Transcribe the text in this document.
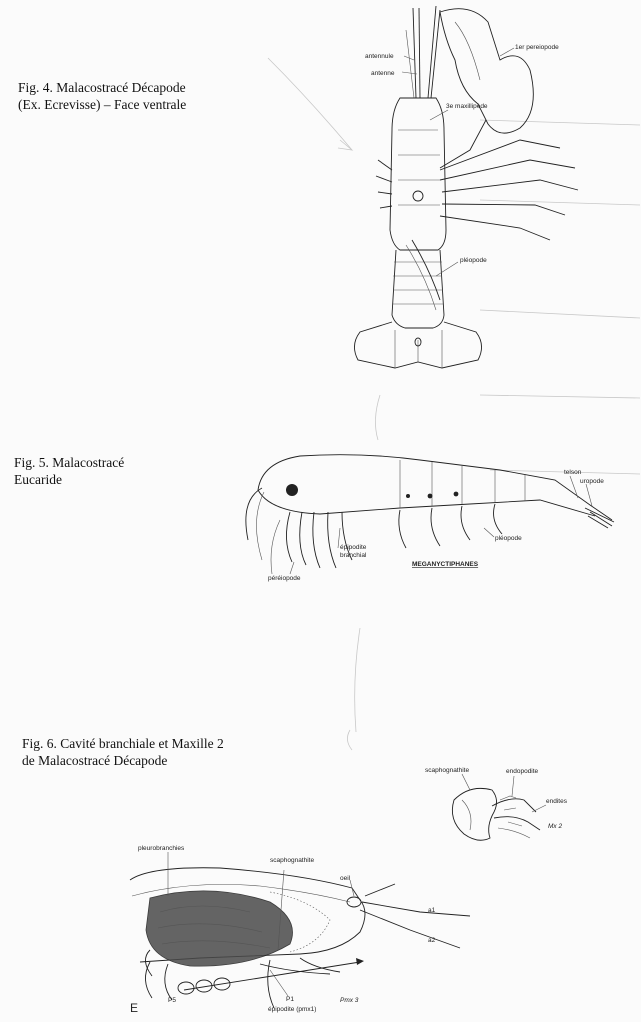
Fig. 4. Malacostracé Décapode
(Ex. Ecrevisse) – Face ventrale
Fig. 5. Malacostracé
Eucaride
Fig. 6. Cavité branchiale et Maxille 2
de Malacostracé Décapode
antennule
antenne
1er pereiopode
3e maxillipède
pléopode
telson
uropode
pléopode
épipodite
branchial
péréiopode
MEGANYCTIPHANES
scaphognathite	endopodite
endites
Mx 2
pleurobranchies
scaphognathite
oeil
a1
a2
P5	P1	Pmx 3
épipodite (pmx1)
E
